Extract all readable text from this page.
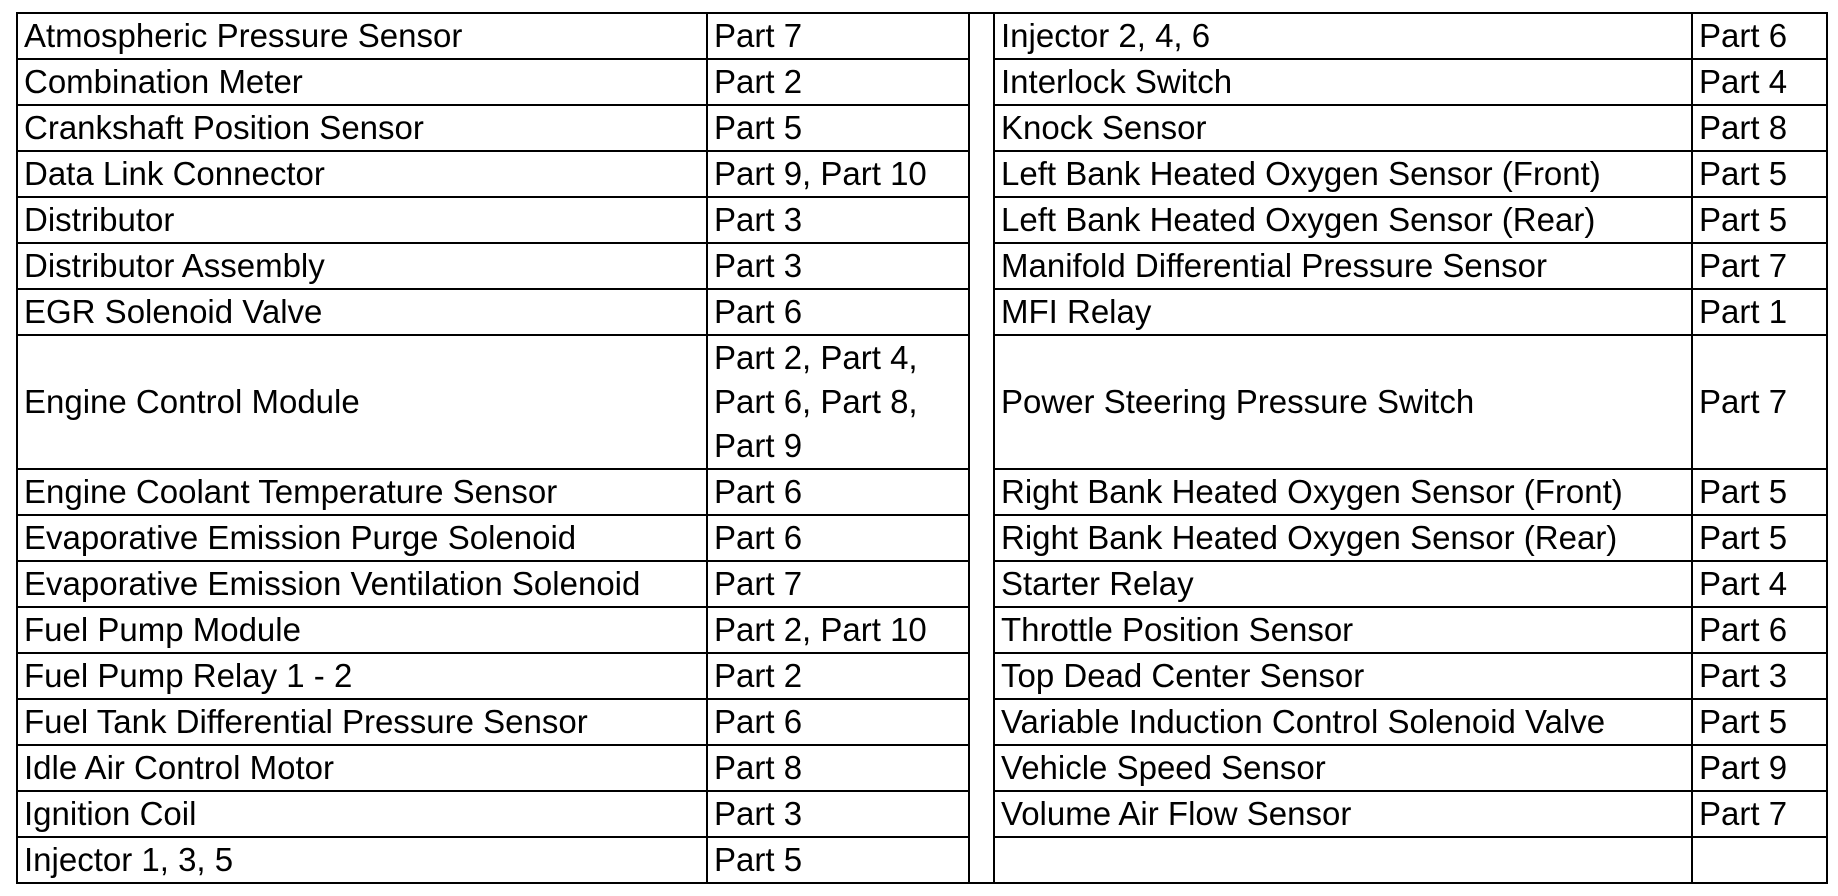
Atmospheric Pressure Sensor	Part 7		Injector 2, 4, 6	Part 6
Combination Meter	Part 2		Interlock Switch	Part 4
Crankshaft Position Sensor	Part 5		Knock Sensor	Part 8
Data Link Connector	Part 9, Part 10		Left Bank Heated Oxygen Sensor (Front)	Part 5
Distributor	Part 3		Left Bank Heated Oxygen Sensor (Rear)	Part 5
Distributor Assembly	Part 3		Manifold Differential Pressure Sensor	Part 7
EGR Solenoid Valve	Part 6		MFI Relay	Part 1
Engine Control Module	Part 2, Part 4,
Part 6, Part 8,
Part 9		Power Steering Pressure Switch	Part 7
Engine Coolant Temperature Sensor	Part 6		Right Bank Heated Oxygen Sensor (Front)	Part 5
Evaporative Emission Purge Solenoid	Part 6		Right Bank Heated Oxygen Sensor (Rear)	Part 5
Evaporative Emission Ventilation Solenoid	Part 7		Starter Relay	Part 4
Fuel Pump Module	Part 2, Part 10		Throttle Position Sensor	Part 6
Fuel Pump Relay 1 - 2	Part 2		Top Dead Center Sensor	Part 3
Fuel Tank Differential Pressure Sensor	Part 6		Variable Induction Control Solenoid Valve	Part 5
Idle Air Control Motor	Part 8		Vehicle Speed Sensor	Part 9
Ignition Coil	Part 3		Volume Air Flow Sensor	Part 7
Injector 1, 3, 5	Part 5			
